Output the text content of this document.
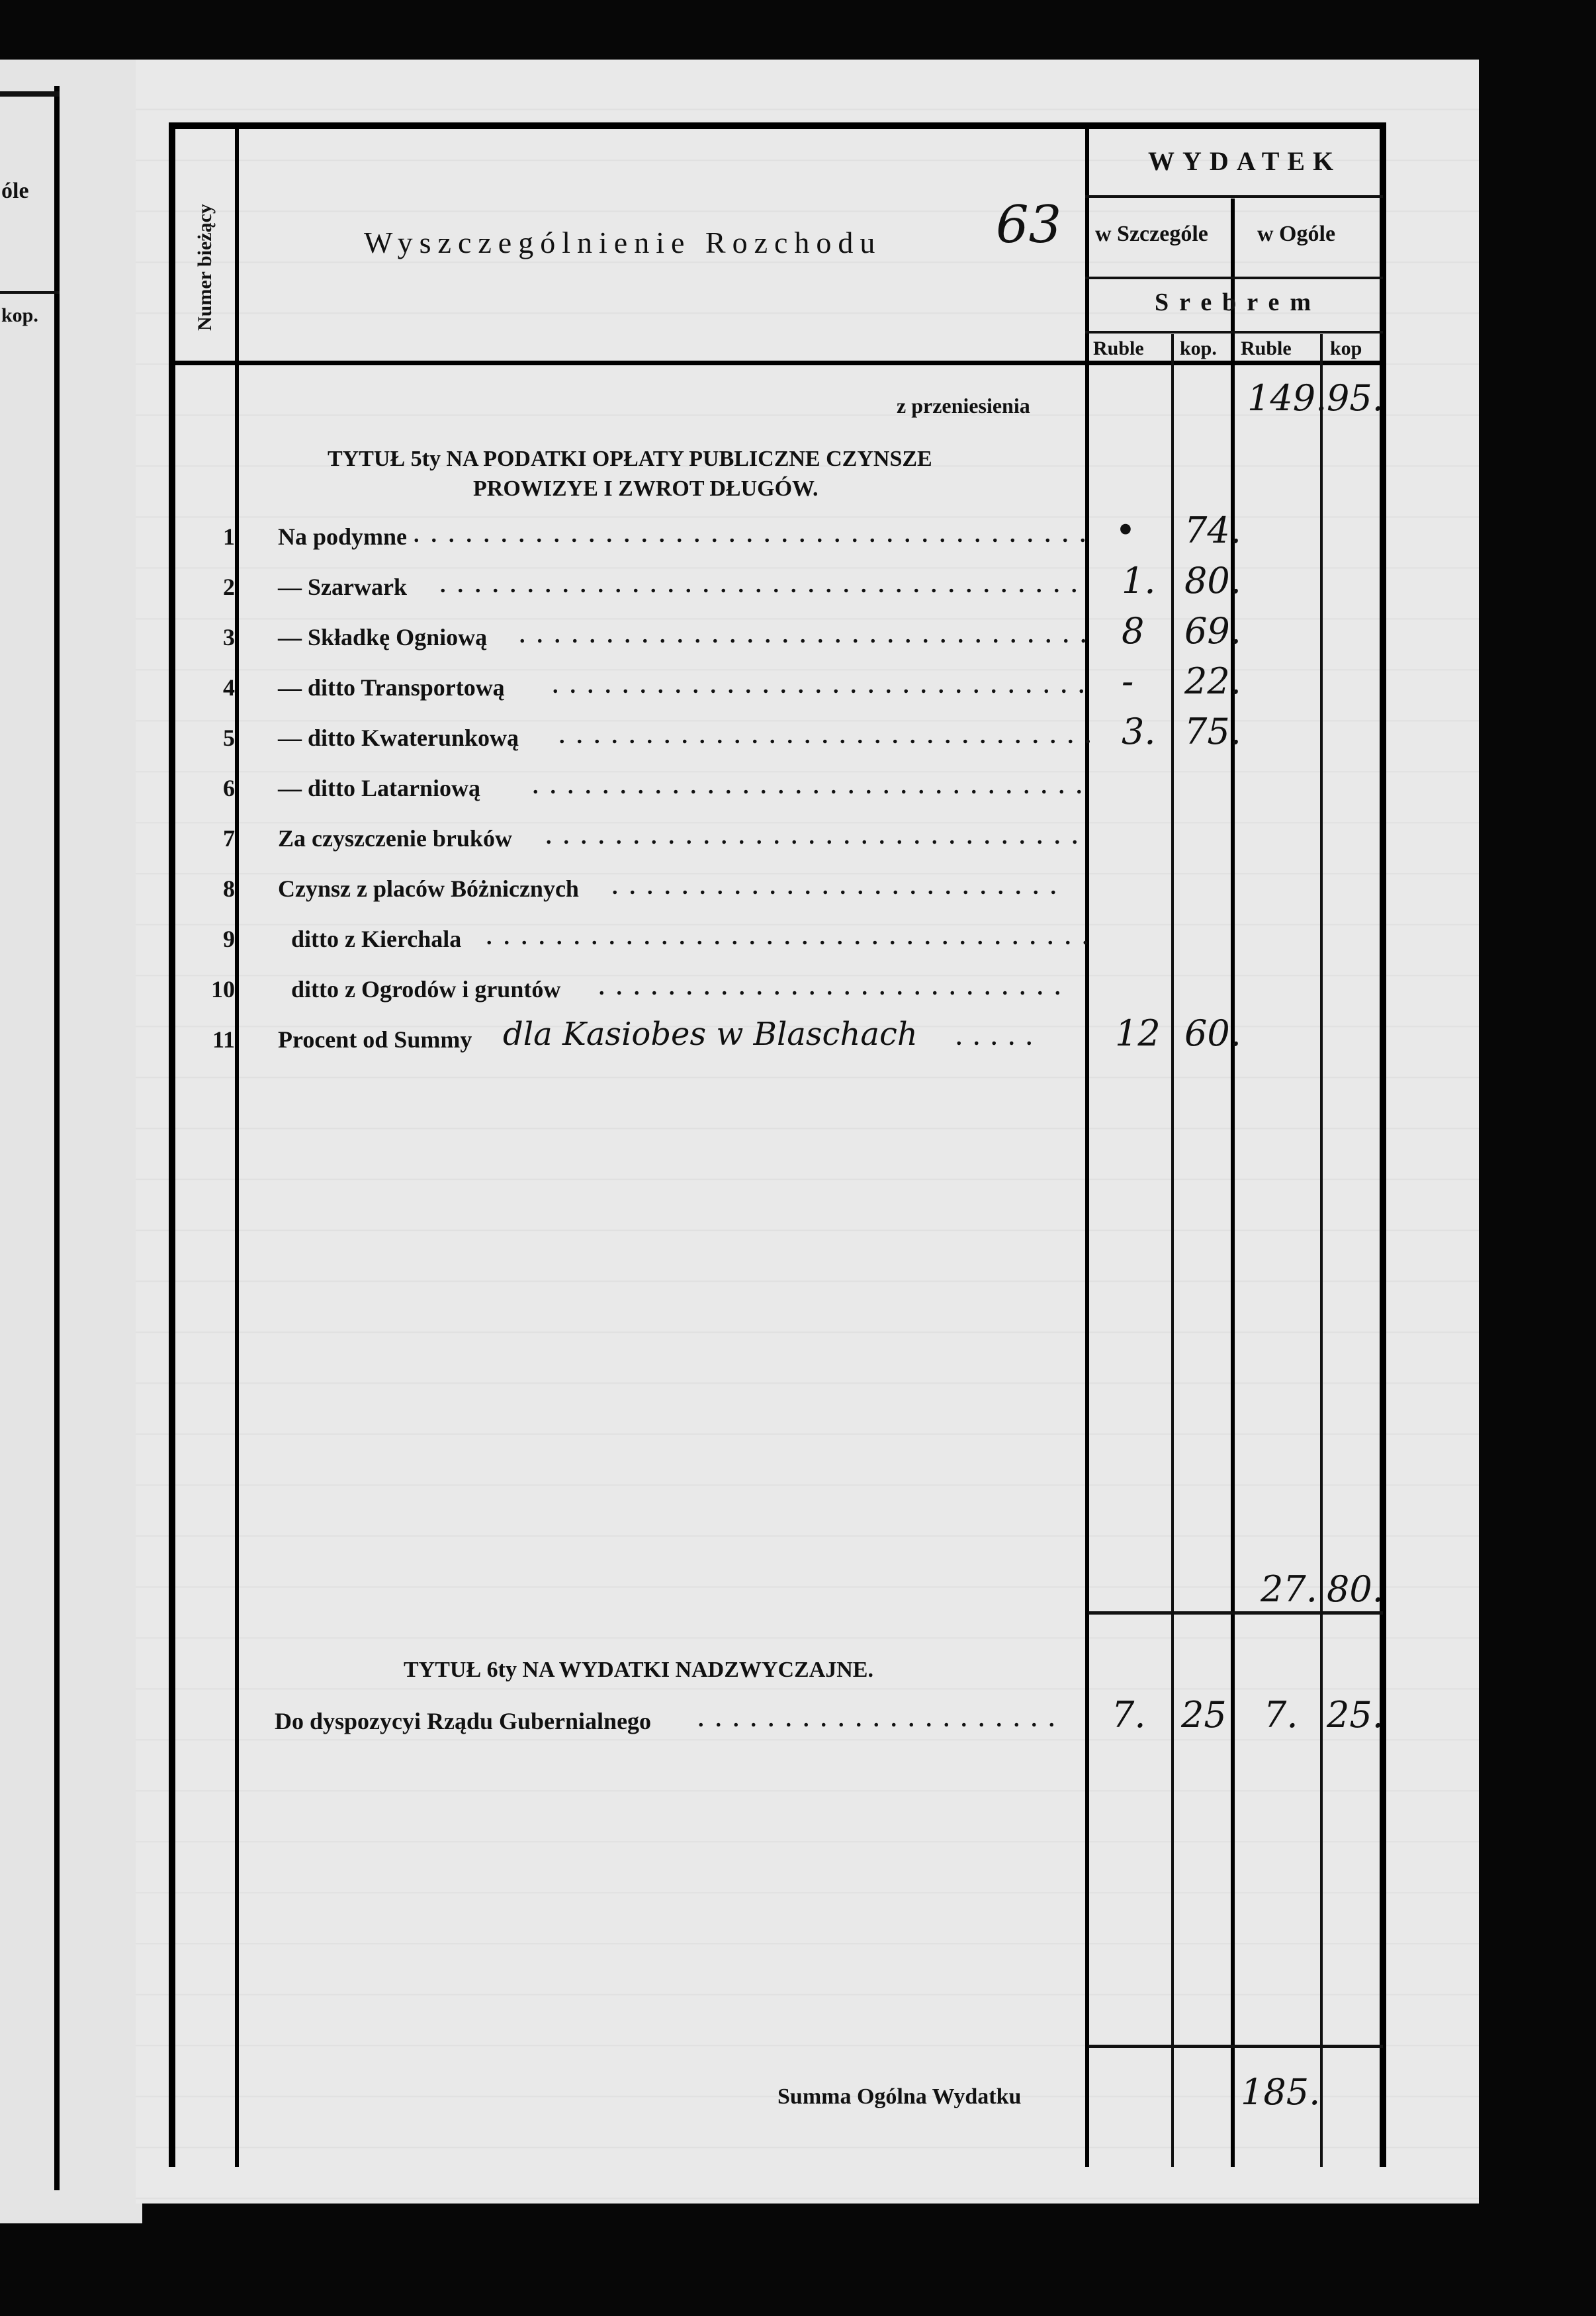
óle
kop.	Numer bieżący	Wyszczególnienie Rozchodu 63
WYDATEK
w Szczególe w Ogóle
Srebrem
Ruble kop. Ruble kop
z przeniesienia	149. 95.
TYTUŁ 5ty NA PODATKI OPŁATY PUBLICZNE CZYNSZE
PROWIZYE I ZWROT DŁUGÓW.
1 Na podymne ....................................... • 74.
2 — Szarwark ..................................... 1. 80.
3 — Składkę Ogniową ................................. 8 69.
4 — ditto Transportową ............................... - 22.
5 — ditto Kwaterunkową ............................... 3. 75.
6 — ditto Latarniową ................................
7 Za czyszczenie bruków ...............................
8 Czynsz z placów Bóżnicznych ..........................
9 ditto z Kierchala ...................................
10 ditto z Ogrodów i gruntów ...........................
11 Procent od Summy dla Kasiobes w Blaschach ..... 12 60.
27. 80.
TYTUŁ 6ty NA WYDATKI NADZWYCZAJNE.
Do dyspozycyi Rządu Gubernialnego ..................... 7. 25 7. 25.
Summa Ogólna Wydatku	185.
